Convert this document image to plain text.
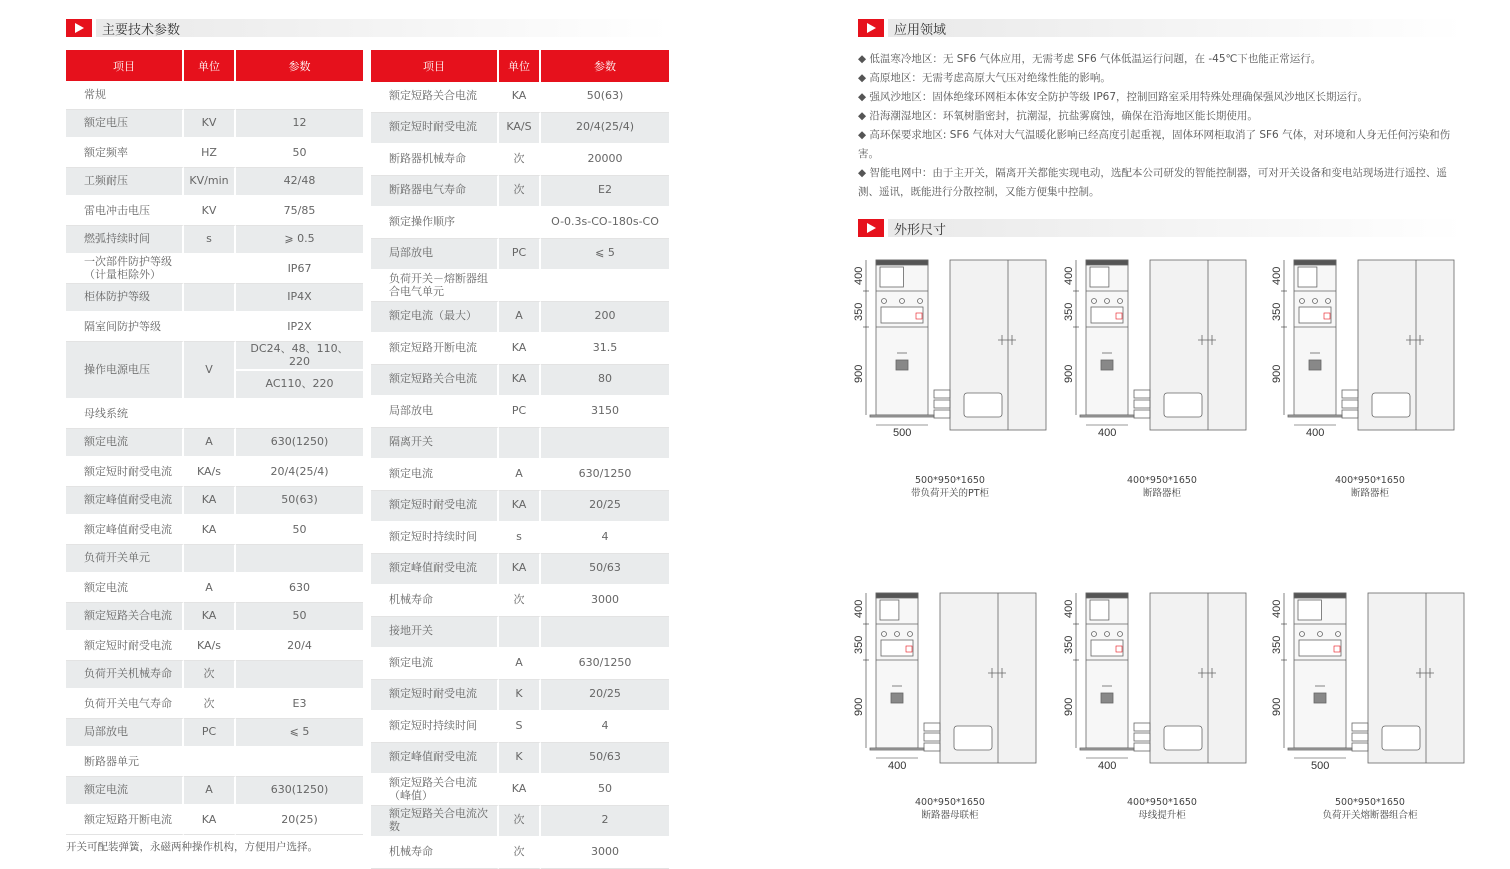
主要技术参数
项目	单位	参数
常规		
额定电压	KV	12
额定频率	HZ	50
工频耐压	KV/min	42/48
雷电冲击电压	KV	75/85
燃弧持续时间	s	⩾ 0.5
一次部件防护等级（计量柜除外）		IP67
柜体防护等级		IP4X
隔室间防护等级		IP2X
操作电源电压	V	DC24、48、110、220
		AC110、220
母线系统		
额定电流	A	630(1250)
额定短时耐受电流	KA/s	20/4(25/4)
额定峰值耐受电流	KA	50(63)
额定峰值耐受电流	KA	50
负荷开关单元		
额定电流	A	630
额定短路关合电流	KA	50
额定短时耐受电流	KA/s	20/4
负荷开关机械寿命	次	
负荷开关电气寿命	次	E3
局部放电	PC	⩽ 5
断路器单元		
额定电流	A	630(1250)
额定短路开断电流	KA	20(25)
项目	单位	参数
额定短路关合电流	KA	50(63)
额定短时耐受电流	KA/S	20/4(25/4)
断路器机械寿命	次	20000
断路器电气寿命	次	E2
额定操作顺序		O-0.3s-CO-180s-CO
局部放电	PC	⩽ 5
负荷开关－熔断器组合电气单元		
额定电流（最大）	A	200
额定短路开断电流	KA	31.5
额定短路关合电流	KA	80
局部放电	PC	3150
隔离开关		
额定电流	A	630/1250
额定短时耐受电流	KA	20/25
额定短时持续时间	s	4
额定峰值耐受电流	KA	50/63
机械寿命	次	3000
接地开关		
额定电流	A	630/1250
额定短时耐受电流	K	20/25
额定短时持续时间	S	4
额定峰值耐受电流	K	50/63
额定短路关合电流（峰值）	KA	50
额定短路关合电流次数	次	2
机械寿命	次	3000
开关可配装弹簧，永磁两种操作机构，方便用户选择。
应用领域

◆ 低温寒冷地区：无 SF6 气体应用，无需考虑 SF6 气体低温运行问题，在 -45℃下也能正常运行。

◆ 高原地区：无需考虑高原大气压对绝缘性能的影响。

◆ 强风沙地区：固体绝缘环网柜本体安全防护等级 IP67，控制回路室采用特殊处理确保强风沙地区长期运行。

◆ 沿海潮湿地区：环氧树脂密封，抗潮湿，抗盐雾腐蚀，确保在沿海地区能长期使用。

◆ 高环保要求地区: SF6 气体对大气温暖化影响已经高度引起重视，固体环网柜取消了 SF6 气体，对环境和人身无任何污染和伤害。

◆ 智能电网中：由于主开关，隔离开关都能实现电动，选配本公司研发的智能控制器，可对开关设备和变电站现场进行遥控、遥测、遥讯，既能进行分散控制，又能方便集中控制。

外形尺寸
400
350
900
500
500*950*1650
带负荷开关的PT柜
400
350
900
400
400*950*1650
断路器柜
400
350
900
400
400*950*1650
断路器柜
400
350
900
400
400*950*1650
断路器母联柜
400
350
900
400
400*950*1650
母线提升柜
400
350
900
500
500*950*1650
负荷开关熔断器组合柜
